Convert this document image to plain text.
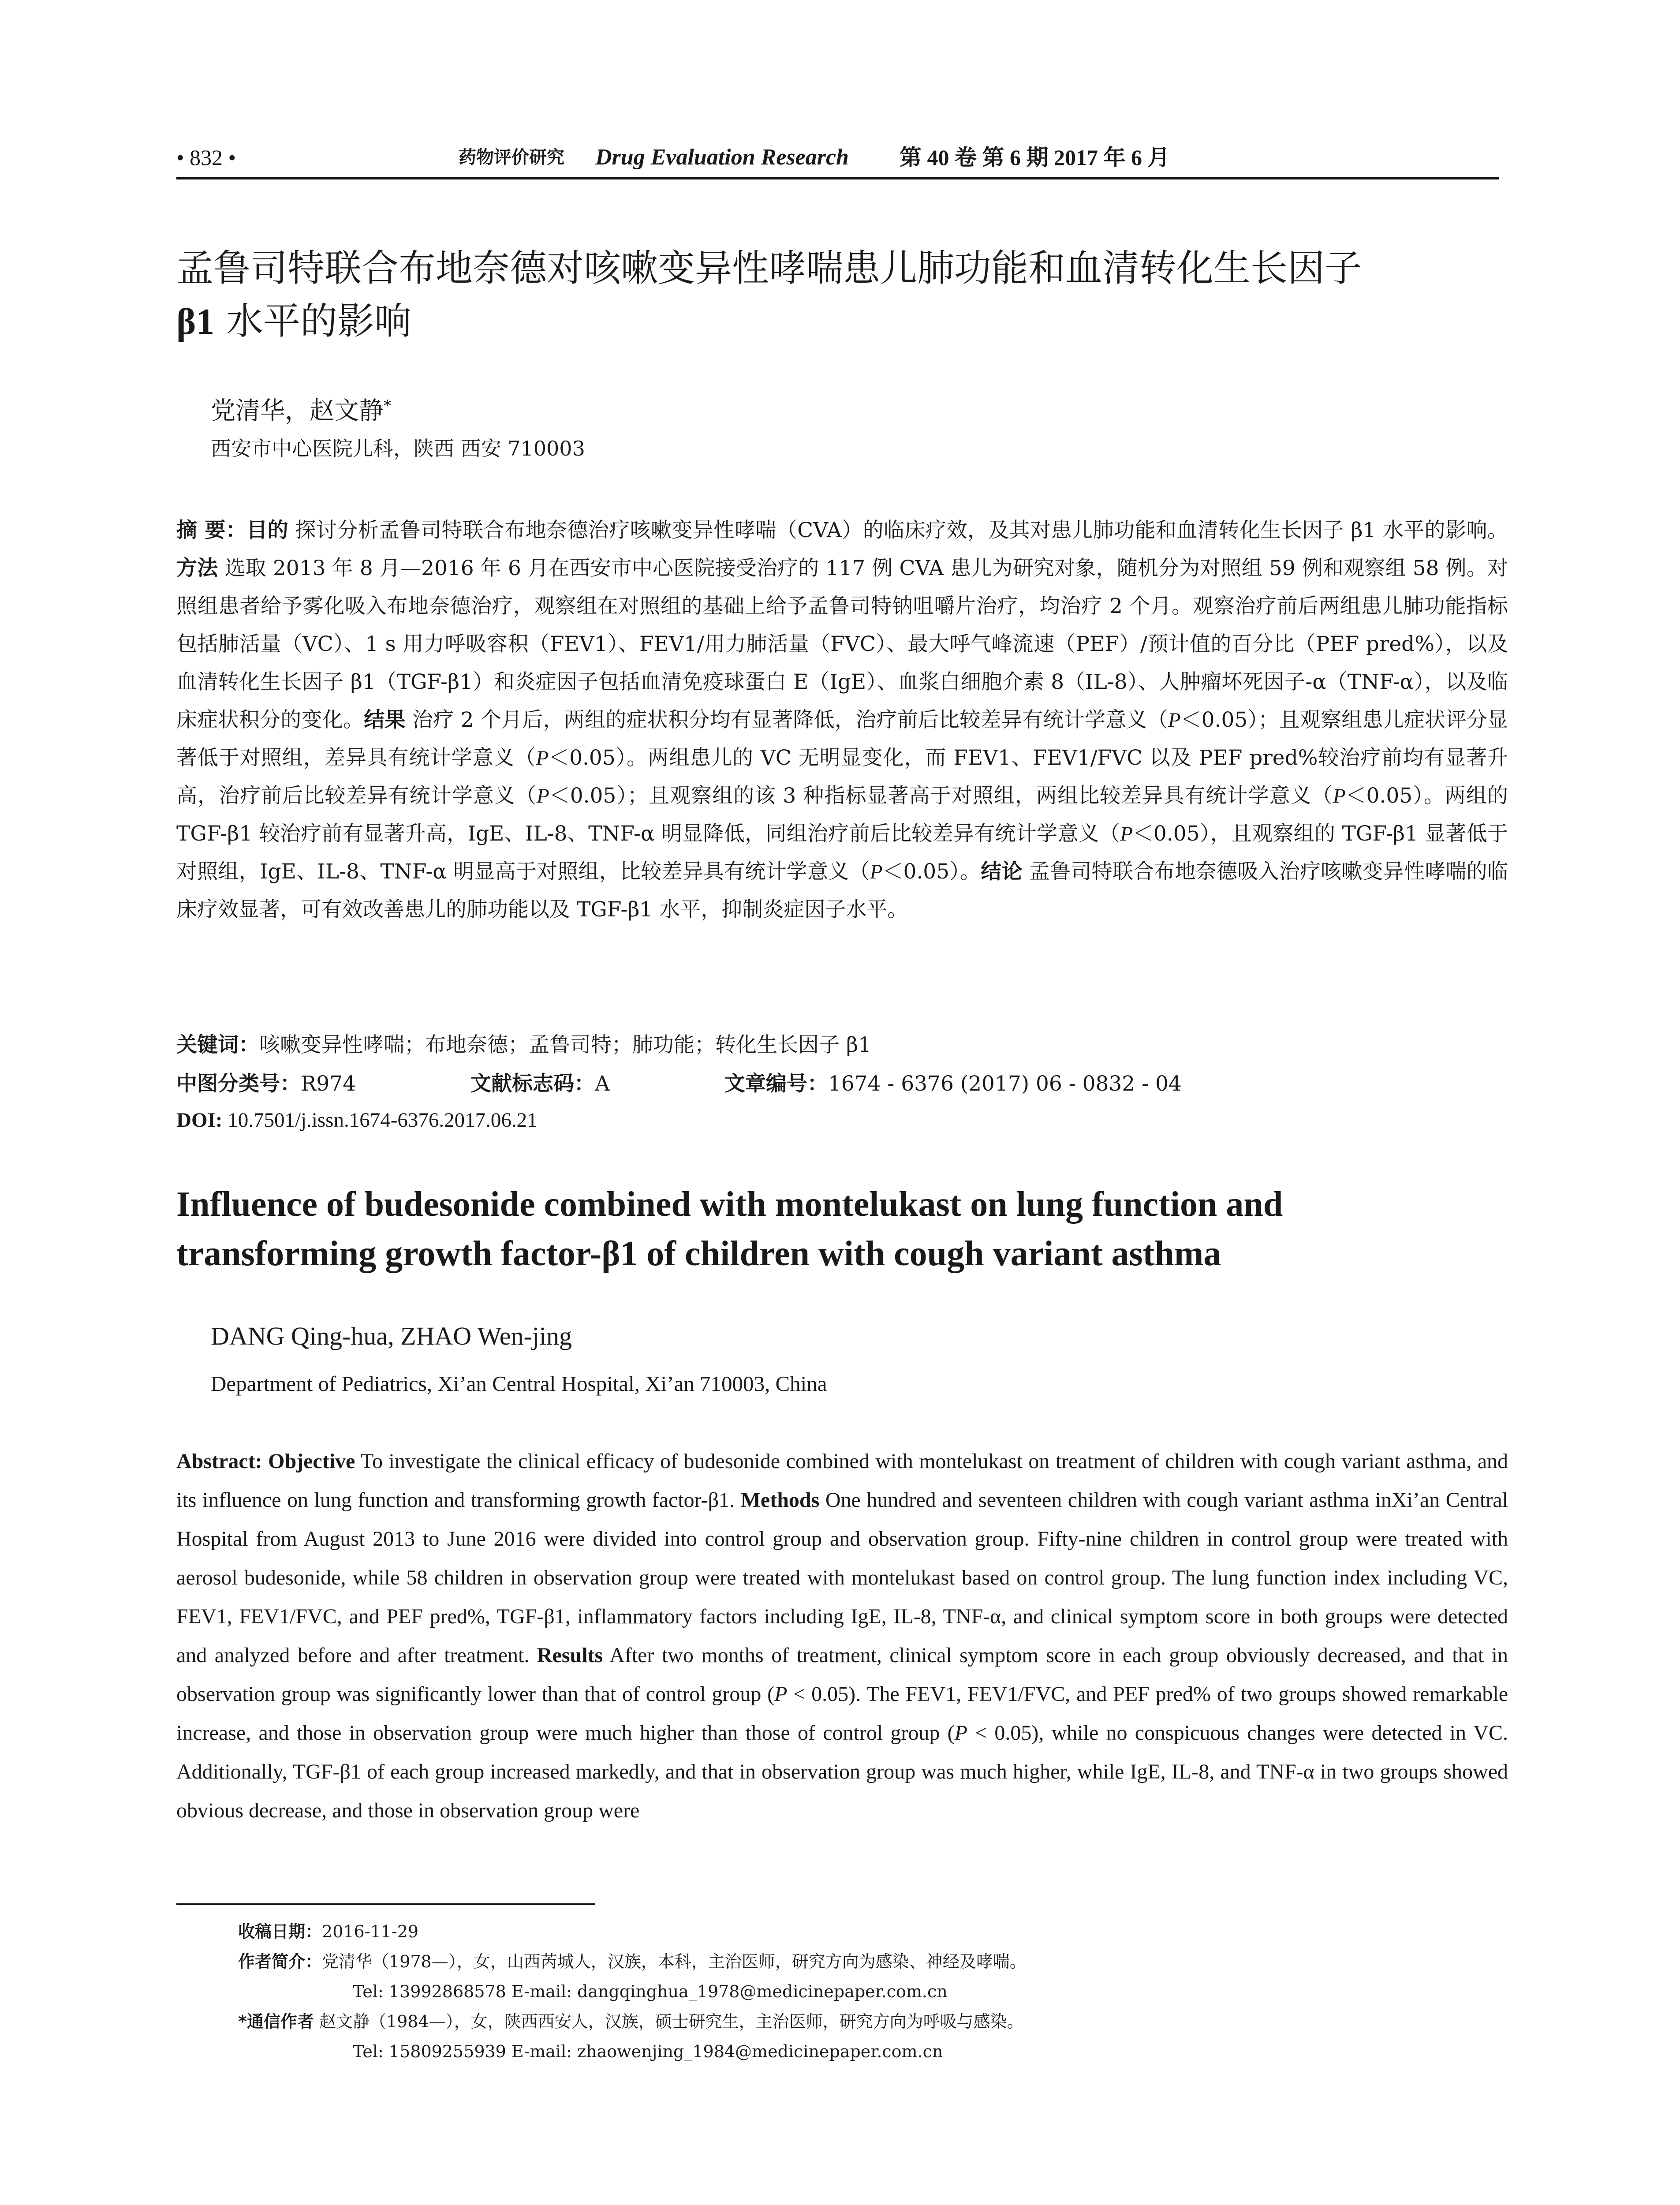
• 832 •	药物评价研究 Drug Evaluation Research 第 40 卷 第 6 期 2017 年 6 月
孟鲁司特联合布地奈德对咳嗽变异性哮喘患儿肺功能和血清转化生长因子
β1 水平的影响
党清华，赵文静*
西安市中心医院儿科，陕西 西安 710003
摘 要：目的 探讨分析孟鲁司特联合布地奈德治疗咳嗽变异性哮喘（CVA）的临床疗效，及其对患儿肺功能和血清转化生长因子 β1 水平的影响。方法 选取 2013 年 8 月—2016 年 6 月在西安市中心医院接受治疗的 117 例 CVA 患儿为研究对象，随机分为对照组 59 例和观察组 58 例。对照组患者给予雾化吸入布地奈德治疗，观察组在对照组的基础上给予孟鲁司特钠咀嚼片治疗，均治疗 2 个月。观察治疗前后两组患儿肺功能指标包括肺活量（VC）、1 s 用力呼吸容积（FEV1）、FEV1/用力肺活量（FVC）、最大呼气峰流速（PEF）/预计值的百分比（PEF pred%），以及血清转化生长因子 β1（TGF-β1）和炎症因子包括血清免疫球蛋白 E（IgE）、血浆白细胞介素 8（IL-8）、人肿瘤坏死因子-α（TNF-α），以及临床症状积分的变化。结果 治疗 2 个月后，两组的症状积分均有显著降低，治疗前后比较差异有统计学意义（P＜0.05）；且观察组患儿症状评分显著低于对照组，差异具有统计学意义（P＜0.05）。两组患儿的 VC 无明显变化，而 FEV1、FEV1/FVC 以及 PEF pred%较治疗前均有显著升高，治疗前后比较差异有统计学意义（P＜0.05）；且观察组的该 3 种指标显著高于对照组，两组比较差异具有统计学意义（P＜0.05）。两组的 TGF-β1 较治疗前有显著升高，IgE、IL-8、TNF-α 明显降低，同组治疗前后比较差异有统计学意义（P＜0.05），且观察组的 TGF-β1 显著低于对照组，IgE、IL-8、TNF-α 明显高于对照组，比较差异具有统计学意义（P＜0.05）。结论 孟鲁司特联合布地奈德吸入治疗咳嗽变异性哮喘的临床疗效显著，可有效改善患儿的肺功能以及 TGF-β1 水平，抑制炎症因子水平。
关键词：咳嗽变异性哮喘；布地奈德；孟鲁司特；肺功能；转化生长因子 β1
中图分类号：R974	文献标志码：A	文章编号：1674 - 6376 (2017) 06 - 0832 - 04
DOI: 10.7501/j.issn.1674-6376.2017.06.21
Influence of budesonide combined with montelukast on lung function and
transforming growth factor-β1 of children with cough variant asthma
DANG Qing-hua, ZHAO Wen-jing
Department of Pediatrics, Xi’an Central Hospital, Xi’an 710003, China
Abstract: Objective To investigate the clinical efficacy of budesonide combined with montelukast on treatment of children with cough variant asthma, and its influence on lung function and transforming growth factor-β1. Methods One hundred and seventeen children with cough variant asthma inXi’an Central Hospital from August 2013 to June 2016 were divided into control group and observation group. Fifty-nine children in control group were treated with aerosol budesonide, while 58 children in observation group were treated with montelukast based on control group. The lung function index including VC, FEV1, FEV1/FVC, and PEF pred%, TGF-β1, inflammatory factors including IgE, IL-8, TNF-α, and clinical symptom score in both groups were detected and analyzed before and after treatment. Results After two months of treatment, clinical symptom score in each group obviously decreased, and that in observation group was significantly lower than that of control group (P < 0.05). The FEV1, FEV1/FVC, and PEF pred% of two groups showed remarkable increase, and those in observation group were much higher than those of control group (P < 0.05), while no conspicuous changes were detected in VC. Additionally, TGF-β1 of each group increased markedly, and that in observation group was much higher, while IgE, IL-8, and TNF-α in two groups showed obvious decrease, and those in observation group were
收稿日期：2016-11-29
作者简介：党清华（1978—），女，山西芮城人，汉族，本科，主治医师，研究方向为感染、神经及哮喘。
Tel: 13992868578 E-mail: dangqinghua_1978@medicinepaper.com.cn
*通信作者 赵文静（1984—），女，陕西西安人，汉族，硕士研究生，主治医师，研究方向为呼吸与感染。
Tel: 15809255939 E-mail: zhaowenjing_1984@medicinepaper.com.cn
